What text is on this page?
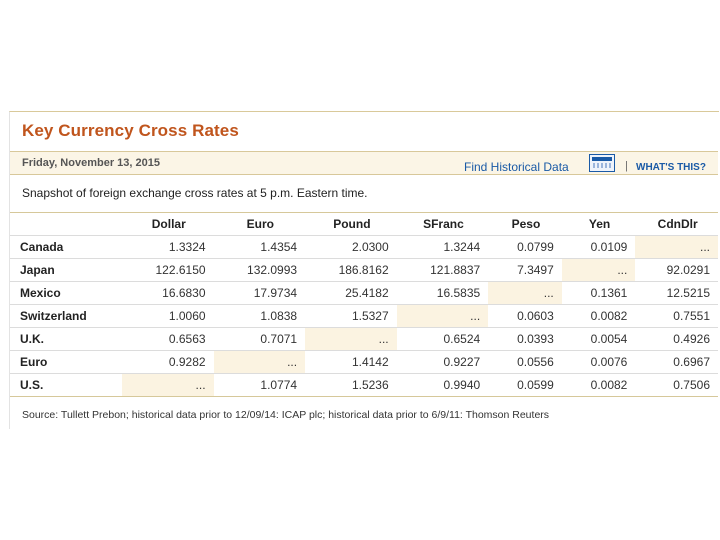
Key Currency Cross Rates
Friday, November 13, 2015	Find Historical Data	| WHAT'S THIS?
Snapshot of foreign exchange cross rates at 5 p.m. Eastern time.
	Dollar	Euro	Pound	SFranc	Peso	Yen	CdnDlr
Canada	1.3324	1.4354	2.0300	1.3244	0.0799	0.0109	...
Japan	122.6150	132.0993	186.8162	121.8837	7.3497	...	92.0291
Mexico	16.6830	17.9734	25.4182	16.5835	...	0.1361	12.5215
Switzerland	1.0060	1.0838	1.5327	...	0.0603	0.0082	0.7551
U.K.	0.6563	0.7071	...	0.6524	0.0393	0.0054	0.4926
Euro	0.9282	...	1.4142	0.9227	0.0556	0.0076	0.6967
U.S.	...	1.0774	1.5236	0.9940	0.0599	0.0082	0.7506
Source: Tullett Prebon; historical data prior to 12/09/14: ICAP plc; historical data prior to 6/9/11: Thomson Reuters
